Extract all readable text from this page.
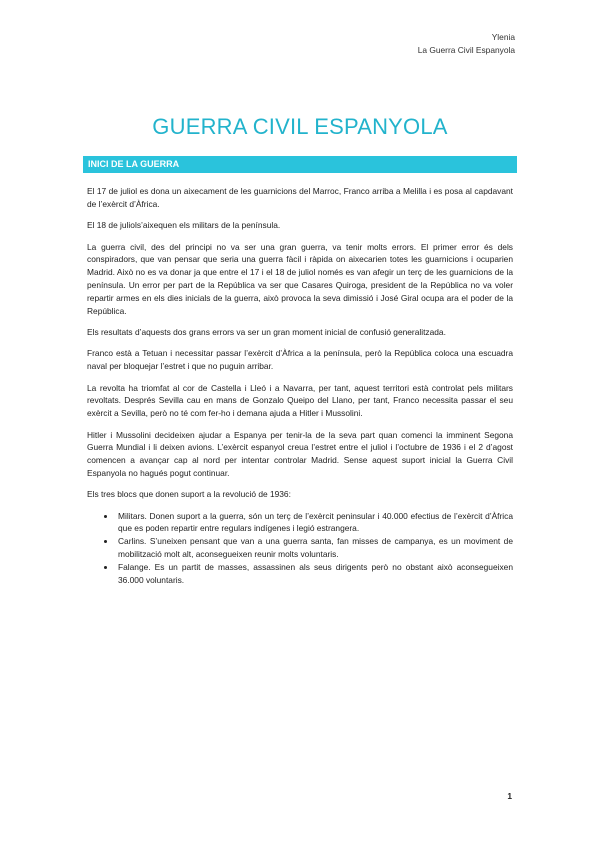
Ylenia
La Guerra Civil Espanyola
GUERRA CIVIL ESPANYOLA
INICI DE LA GUERRA

El 17 de juliol es dona un aixecament de les guarnicions del Marroc, Franco arriba a Melilla i es posa al capdavant de l’exèrcit d’Àfrica.

El 18 de juliols’aixequen els militars de la península.

La guerra civil, des del principi no va ser una gran guerra, va tenir molts errors. El primer error és dels conspiradors, que van pensar que seria una guerra fàcil i ràpida on aixecarien totes les guarnicions i ocuparien Madrid. Això no es va donar ja que entre el 17 i el 18 de juliol només es van afegir un terç de les guarnicions de la península. Un error per part de la República va ser que Casares Quiroga, president de la República no va voler repartir armes en els dies inicials de la guerra, això provoca la seva dimissió i José Giral ocupa ara el poder de la República.

Els resultats d’aquests dos grans errors va ser un gran moment inicial de confusió generalitzada.

Franco està a Tetuan i necessitar passar l’exèrcit d’Àfrica a la península, però la República coloca una escuadra naval per bloquejar l’estret i que no puguin arribar.

La revolta ha triomfat al cor de Castella i Lleó i a Navarra, per tant, aquest territori està controlat pels militars revoltats. Després Sevilla cau en mans de Gonzalo Queipo del Llano, per tant, Franco necessita passar el seu exèrcit a Sevilla, però no té com fer-ho i demana ajuda a Hitler i Mussolini.

Hitler i Mussolini decideixen ajudar a Espanya per tenir-la de la seva part quan comenci la imminent Segona Guerra Mundial i li deixen avions. L’exèrcit espanyol creua l’estret entre el juliol i l’octubre de 1936 i el 2 d’agost comencen a avançar cap al nord per intentar controlar Madrid. Sense aquest suport inicial la Guerra Civil Espanyola no hagués pogut continuar.

Els tres blocs que donen suport a la revolució de 1936:

• Militars. Donen suport a la guerra, són un terç de l’exèrcit peninsular i 40.000 efectius de l’exèrcit d’Àfrica que es poden repartir entre regulars indígenes i legió estrangera.
• Carlins. S’uneixen pensant que van a una guerra santa, fan misses de campanya, es un moviment de mobilització molt alt, aconsegueixen reunir molts voluntaris.
• Falange. Es un partit de masses, assassinen als seus dirigents però no obstant això aconsegueixen 36.000 voluntaris.
1
